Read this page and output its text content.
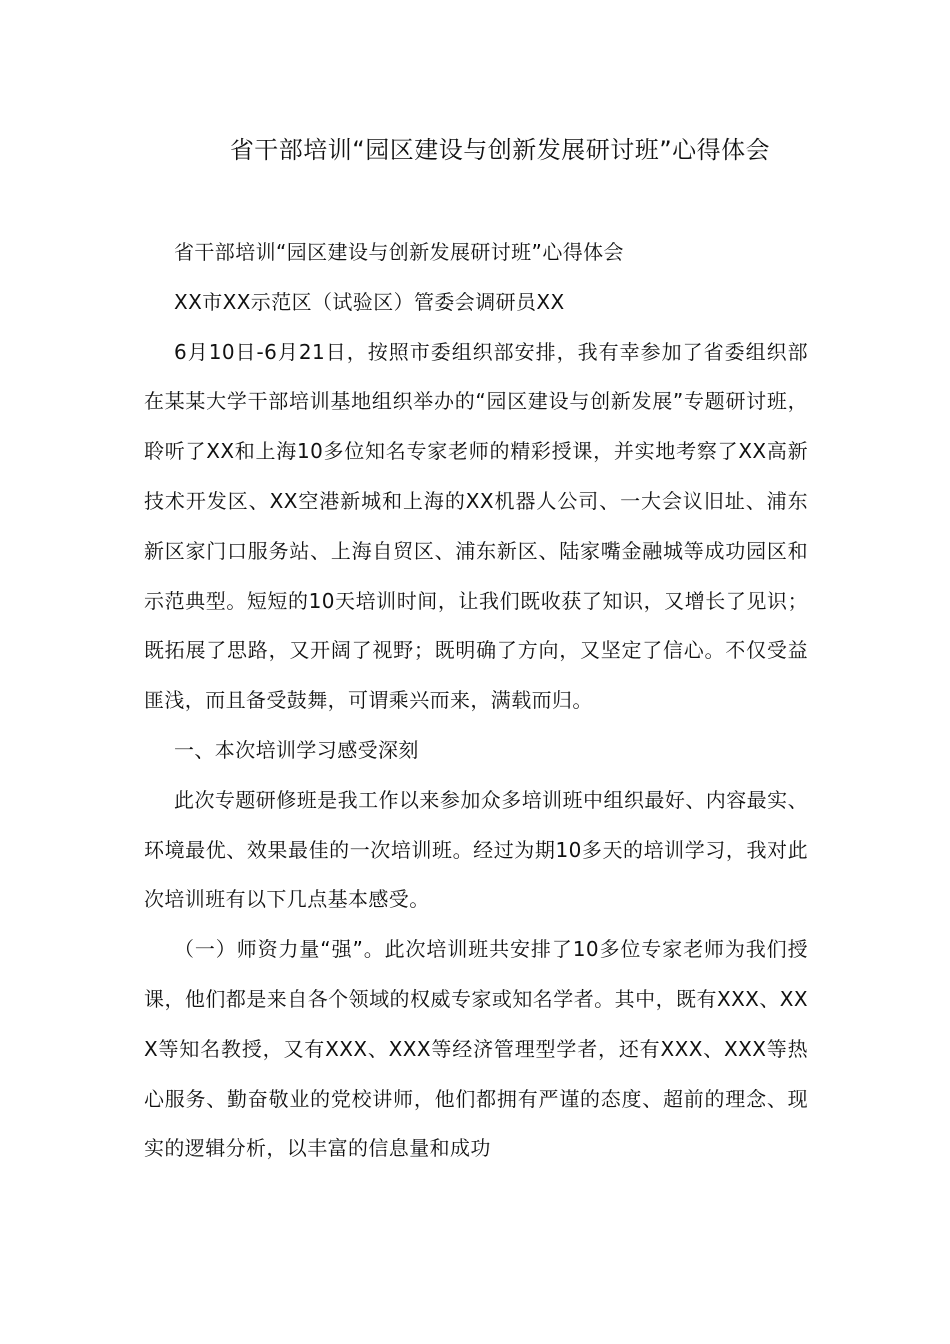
省干部培训“园区建设与创新发展研讨班”心得体会

省干部培训“园区建设与创新发展研讨班”心得体会

XX市XX示范区（试验区）管委会调研员XX

6月10日-6月21日，按照市委组织部安排，我有幸参加了省委组织部在某某大学干部培训基地组织举办的“园区建设与创新发展”专题研讨班，聆听了XX和上海10多位知名专家老师的精彩授课，并实地考察了XX高新技术开发区、XX空港新城和上海的XX机器人公司、一大会议旧址、浦东新区家门口服务站、上海自贸区、浦东新区、陆家嘴金融城等成功园区和示范典型。短短的10天培训时间，让我们既收获了知识，又增长了见识；既拓展了思路，又开阔了视野；既明确了方向，又坚定了信心。不仅受益匪浅，而且备受鼓舞，可谓乘兴而来，满载而归。

一、本次培训学习感受深刻

此次专题研修班是我工作以来参加众多培训班中组织最好、内容最实、环境最优、效果最佳的一次培训班。经过为期10多天的培训学习，我对此次培训班有以下几点基本感受。

（一）师资力量“强”。此次培训班共安排了10多位专家老师为我们授课，他们都是来自各个领域的权威专家或知名学者。其中，既有XXX、XXX等知名教授，又有XXX、XXX等经济管理型学者，还有XXX、XXX等热心服务、勤奋敬业的党校讲师，他们都拥有严谨的态度、超前的理念、现实的逻辑分析，以丰富的信息量和成功
